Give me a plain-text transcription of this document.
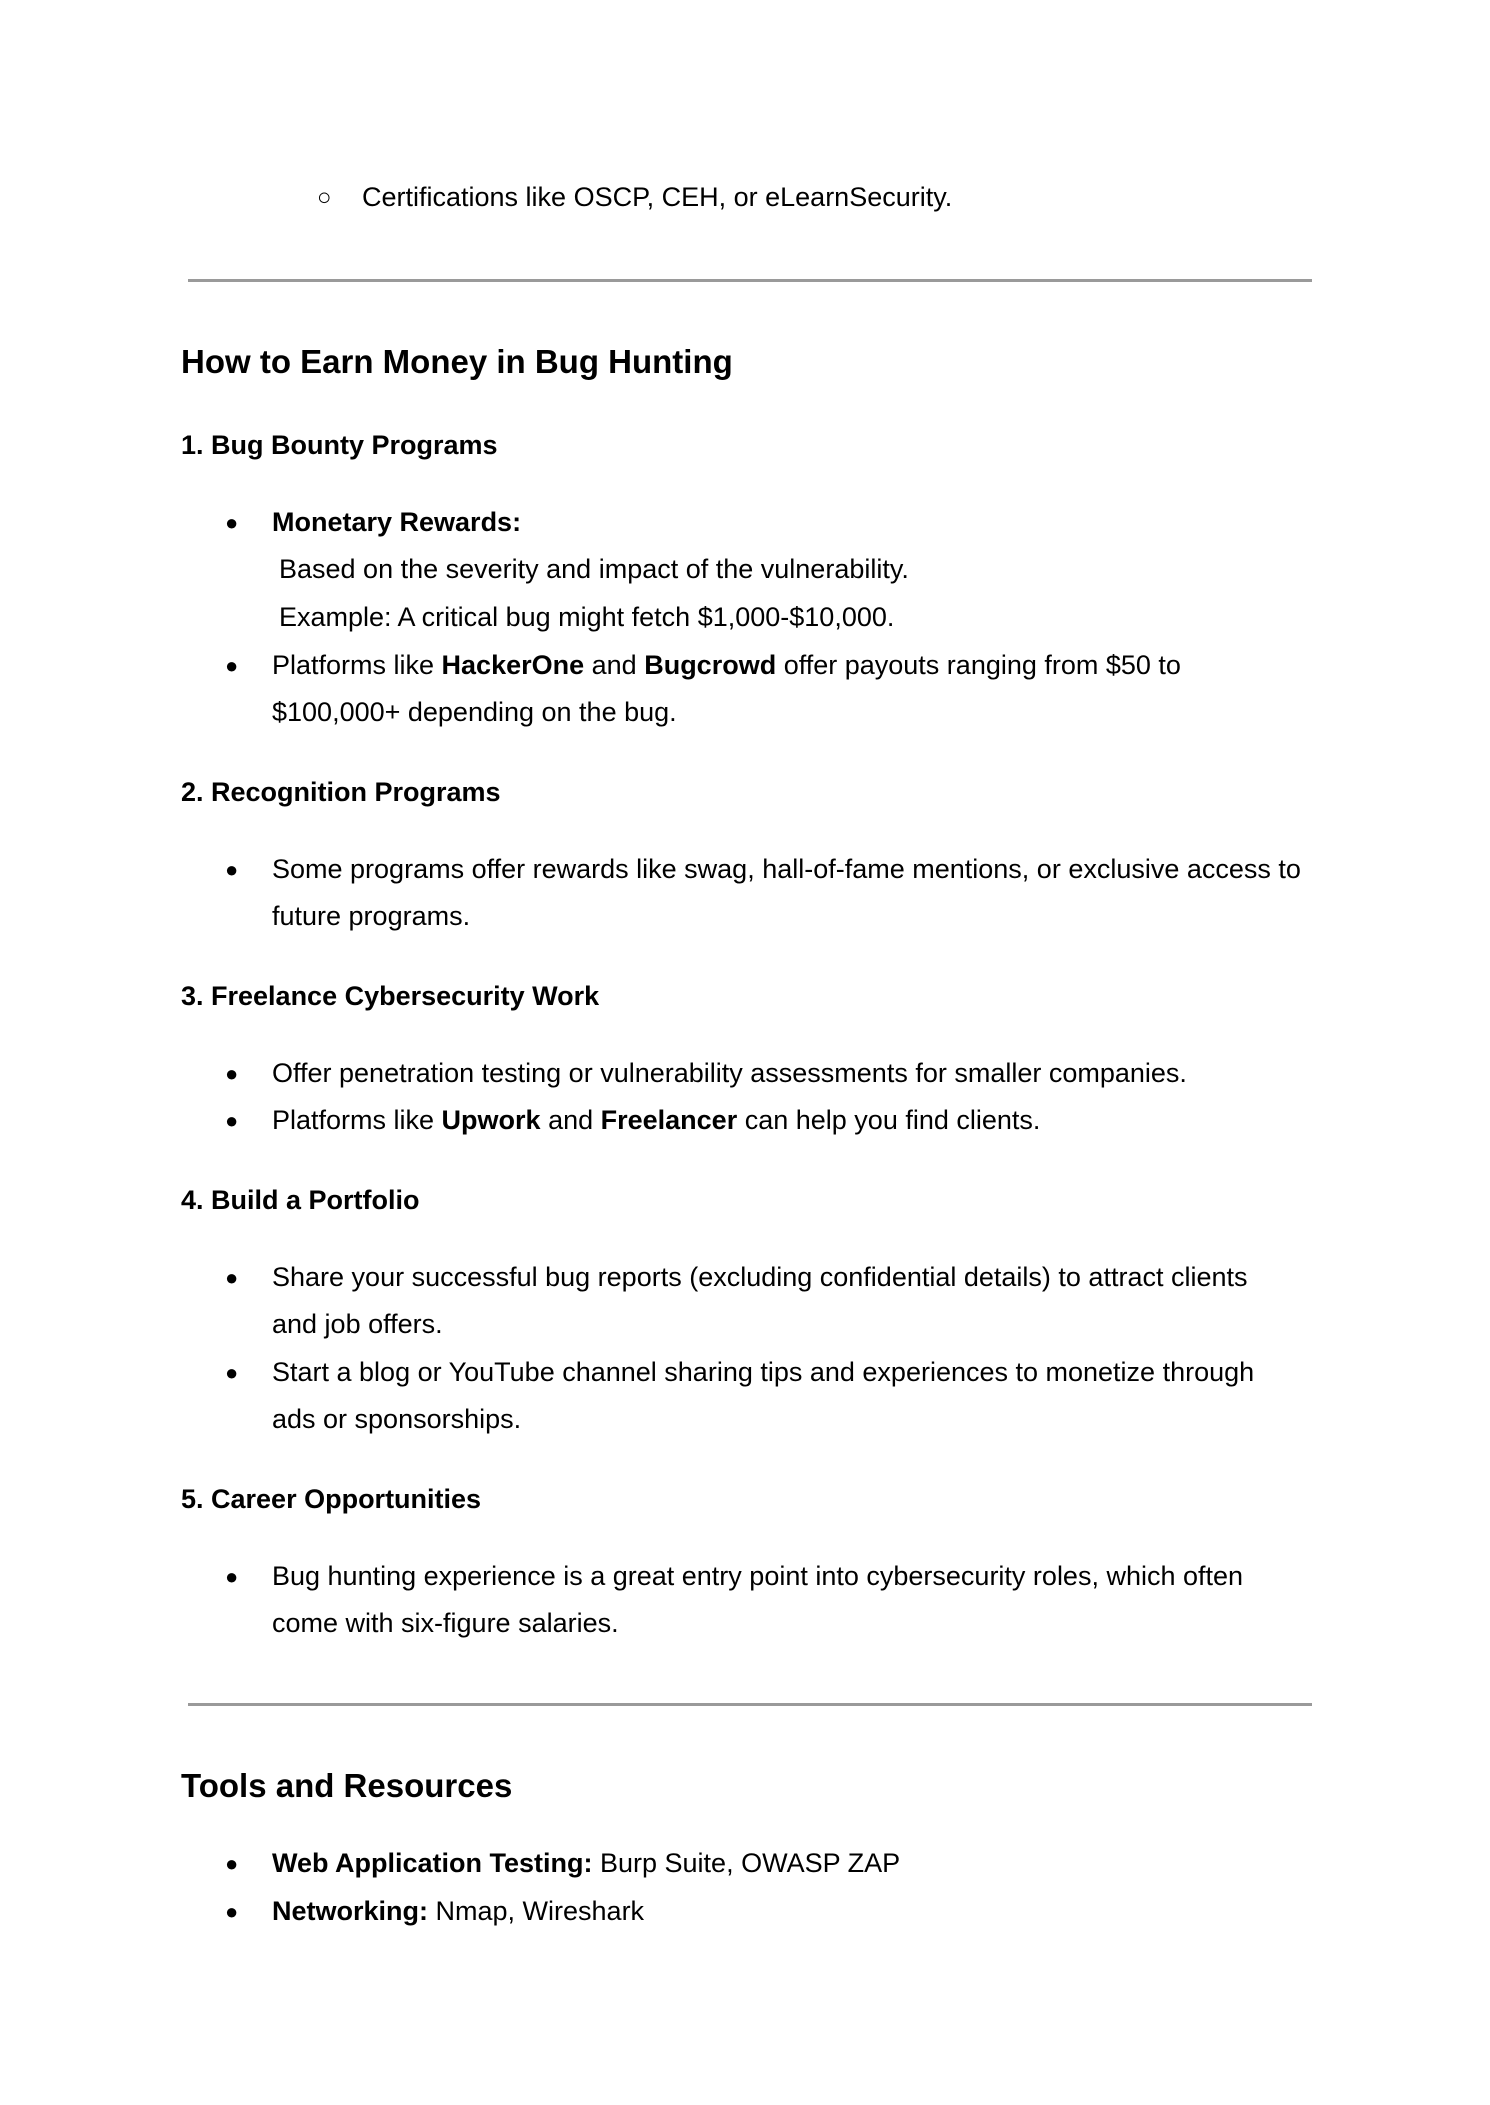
○ Certifications like OSCP, CEH, or eLearnSecurity.
How to Earn Money in Bug Hunting
1. Bug Bounty Programs
● Monetary Rewards:
Based on the severity and impact of the vulnerability.
Example: A critical bug might fetch $1,000-$10,000.
● Platforms like HackerOne and Bugcrowd offer payouts ranging from $50 to $100,000+ depending on the bug.
2. Recognition Programs
● Some programs offer rewards like swag, hall-of-fame mentions, or exclusive access to future programs.
3. Freelance Cybersecurity Work
● Offer penetration testing or vulnerability assessments for smaller companies.
● Platforms like Upwork and Freelancer can help you find clients.
4. Build a Portfolio
● Share your successful bug reports (excluding confidential details) to attract clients and job offers.
● Start a blog or YouTube channel sharing tips and experiences to monetize through ads or sponsorships.
5. Career Opportunities
● Bug hunting experience is a great entry point into cybersecurity roles, which often come with six-figure salaries.
Tools and Resources
● Web Application Testing: Burp Suite, OWASP ZAP
● Networking: Nmap, Wireshark
